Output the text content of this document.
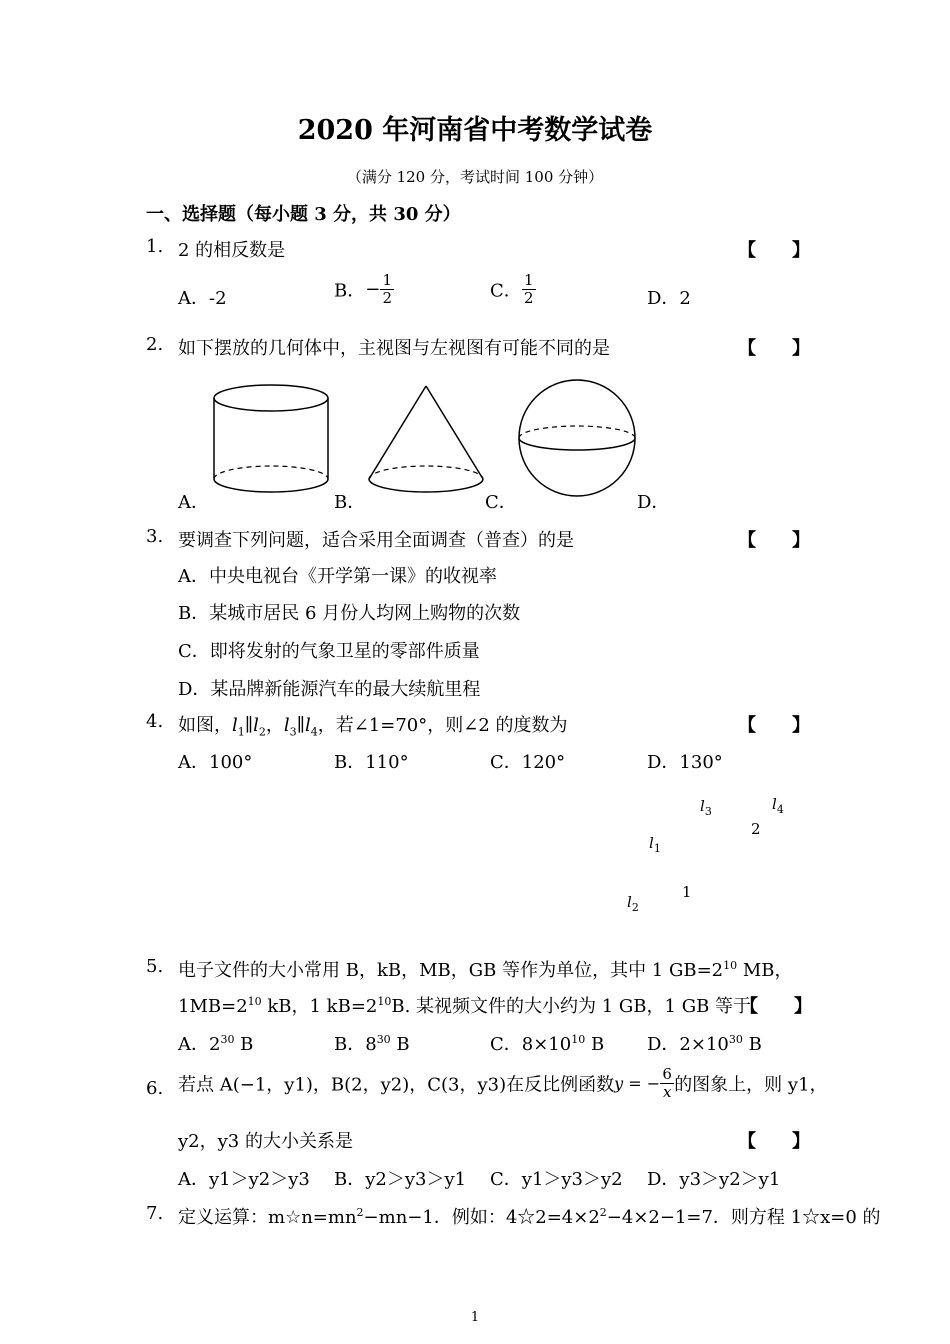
2020 年河南省中考数学试卷
（满分 120 分，考试时间 100 分钟）
一、选择题（每小题 3 分，共 30 分）
1. 2 的相反数是	【　　】
A．-2	B．− $\frac{1}{2}$	C． $\frac{1}{2}$	D．2
2. 如下摆放的几何体中，主视图与左视图有可能不同的是	【　　】
A．	B．	C．	D．
3. 要调查下列问题，适合采用全面调查（普查）的是	【　　】
A．中央电视台《开学第一课》的收视率
B．某城市居民 6 月份人均网上购物的次数
C．即将发射的气象卫星的零部件质量
D．某品牌新能源汽车的最大续航里程
4. 如图，$l_1\parallel l_2$，$l_3\parallel l_4$，若∠1=70°，则∠2 的度数为	【　　】
A．100°	B．110°	C．120°	D．130°
$l_3$	$l_4$
2
$l_1$
1
$l_2$
5. 电子文件的大小常用 B，kB，MB，GB 等作为单位，其中 1 $GB=2^{10}$ MB，
$1MB=2^{10}$ kB，1 $kB=2^{10}B$. 某视频文件的大小约为 1 GB，1 GB 等于
【　　】
A．$2^{30}$ B	B．$8^{30}$ B	C．$8\times 10^{10}$ B D．$2\times 10^{30}$ B
6. 若点 A(−1，y1)，B(2，y2)，C(3，y3)在反比例函数y = − $\frac{6}{x}$ 的图象上，则 y1，
y2，y3 的大小关系是	【　　】
A．y1＞y2＞y3 B．y2＞y3＞y1 C．y1＞y3＞y2 D．y3＞y2＞y1
7. 定义运算：$m☆n=mn^2-mn-1$．例如：$4☆2=4\times 2^2-4\times 2-1=7$．则方程 1☆x=0 的
1
